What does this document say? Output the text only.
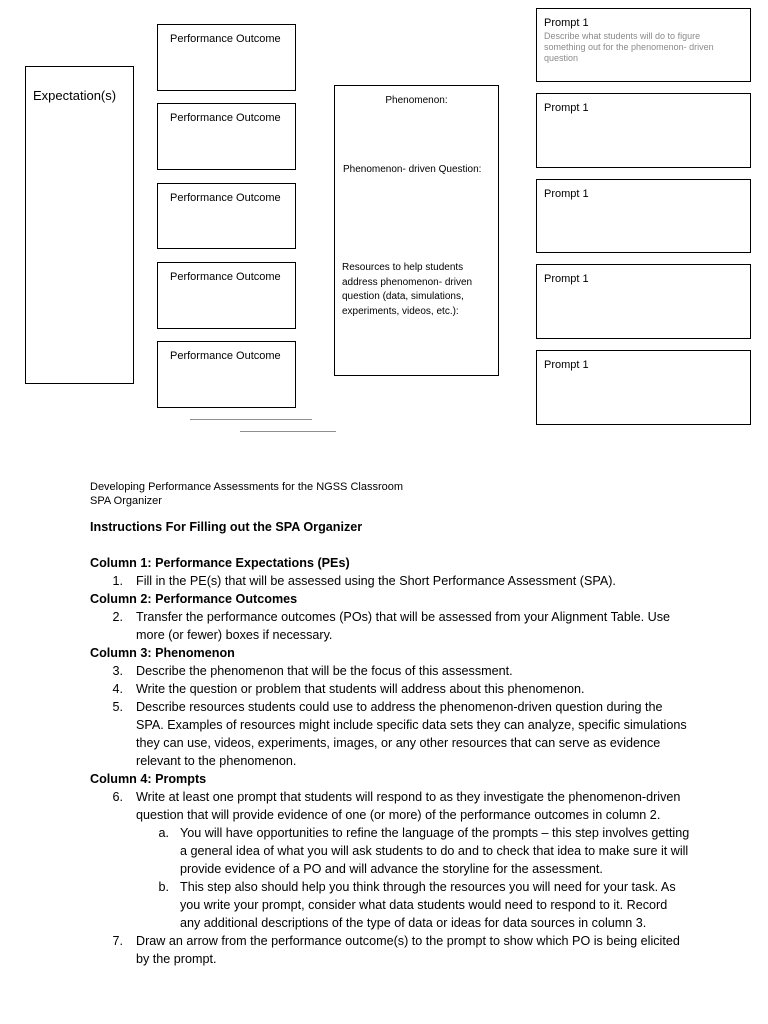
Expectation(s)
Performance Outcome
Performance Outcome
Performance Outcome
Performance Outcome
Performance Outcome
Phenomenon:
Phenomenon- driven Question:
Resources to help students address phenomenon- driven question (data, simulations, experiments, videos, etc.):
Prompt 1
Describe what students will do to figure something out for the phenomenon- driven question
Prompt 1
Prompt 1
Prompt 1
Prompt 1
Developing Performance Assessments for the NGSS Classroom
SPA Organizer
Instructions For Filling out the SPA Organizer
Column 1: Performance Expectations (PEs)
1. Fill in the PE(s) that will be assessed using the Short Performance Assessment (SPA).
Column 2: Performance Outcomes
2. Transfer the performance outcomes (POs) that will be assessed from your Alignment Table. Use more (or fewer) boxes if necessary.
Column 3: Phenomenon
3. Describe the phenomenon that will be the focus of this assessment.
4. Write the question or problem that students will address about this phenomenon.
5. Describe resources students could use to address the phenomenon-driven question during the SPA. Examples of resources might include specific data sets they can analyze, specific simulations they can use, videos, experiments, images, or any other resources that can serve as evidence relevant to the phenomenon.
Column 4: Prompts
6. Write at least one prompt that students will respond to as they investigate the phenomenon-driven question that will provide evidence of one (or more) of the performance outcomes in column 2.
a. You will have opportunities to refine the language of the prompts – this step involves getting a general idea of what you will ask students to do and to check that idea to make sure it will provide evidence of a PO and will advance the storyline for the assessment.
b. This step also should help you think through the resources you will need for your task. As you write your prompt, consider what data students would need to respond to it. Record any additional descriptions of the type of data or ideas for data sources in column 3.
7. Draw an arrow from the performance outcome(s) to the prompt to show which PO is being elicited by the prompt.
